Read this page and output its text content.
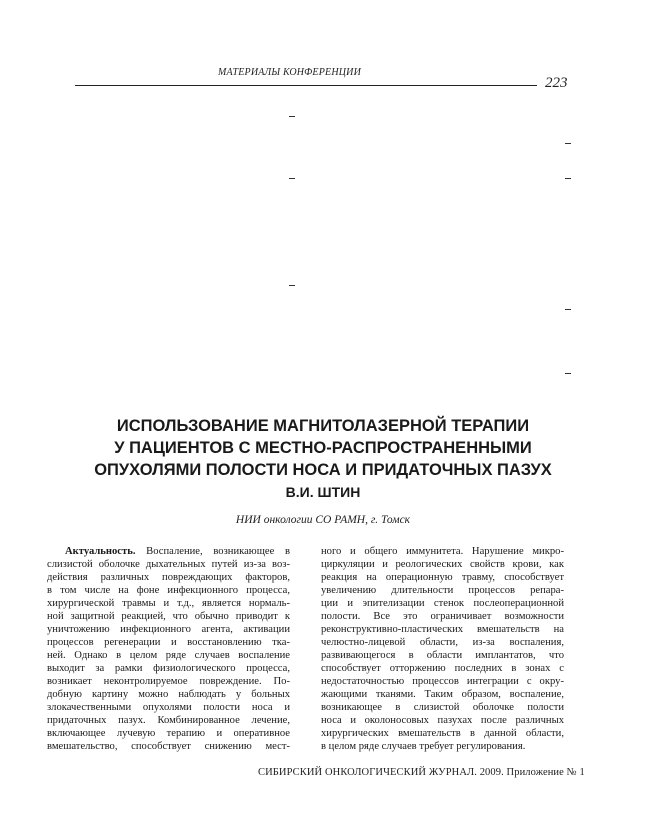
МАТЕРИАЛЫ КОНФЕРЕНЦИИ
223
ИСПОЛЬЗОВАНИЕ МАГНИТОЛАЗЕРНОЙ ТЕРАПИИ
У ПАЦИЕНТОВ С МЕСТНО-РАСПРОСТРАНЕННЫМИ
ОПУХОЛЯМИ ПОЛОСТИ НОСА И ПРИДАТОЧНЫХ ПАЗУХ
В.И. ШТИН
НИИ онкологии СО РАМН, г. Томск
Актуальность. Воспаление, возникающее в
слизистой оболочке дыхательных путей из-за воз-
действия различных повреждающих факторов,
в том числе на фоне инфекционного процесса,
хирургической травмы и т.д., является нормаль-
ной защитной реакцией, что обычно приводит к
уничтожению инфекционного агента, активации
процессов регенерации и восстановлению тка-
ней. Однако в целом ряде случаев воспаление
выходит за рамки физиологического процесса,
возникает неконтролируемое повреждение. По-
добную картину можно наблюдать у больных
злокачественными опухолями полости носа и
придаточных пазух. Комбинированное лечение,
включающее лучевую терапию и оперативное
вмешательство, способствует снижению мест-
ного и общего иммунитета. Нарушение микро-
циркуляции и реологических свойств крови, как
реакция на операционную травму, способствует
увеличению длительности процессов репара-
ции и эпителизации стенок послеоперационной
полости. Все это ограничивает возможности
реконструктивно-пластических вмешательств на
челюстно-лицевой области, из-за воспаления,
развивающегося в области имплантатов, что
способствует отторжению последних в зонах с
недостаточностью процессов интеграции с окру-
жающими тканями. Таким образом, воспаление,
возникающее в слизистой оболочке полости
носа и околоносовых пазухах после различных
хирургических вмешательств в данной области,
в целом ряде случаев требует регулирования.
СИБИРСКИЙ ОНКОЛОГИЧЕСКИЙ ЖУРНАЛ. 2009. Приложение № 1
